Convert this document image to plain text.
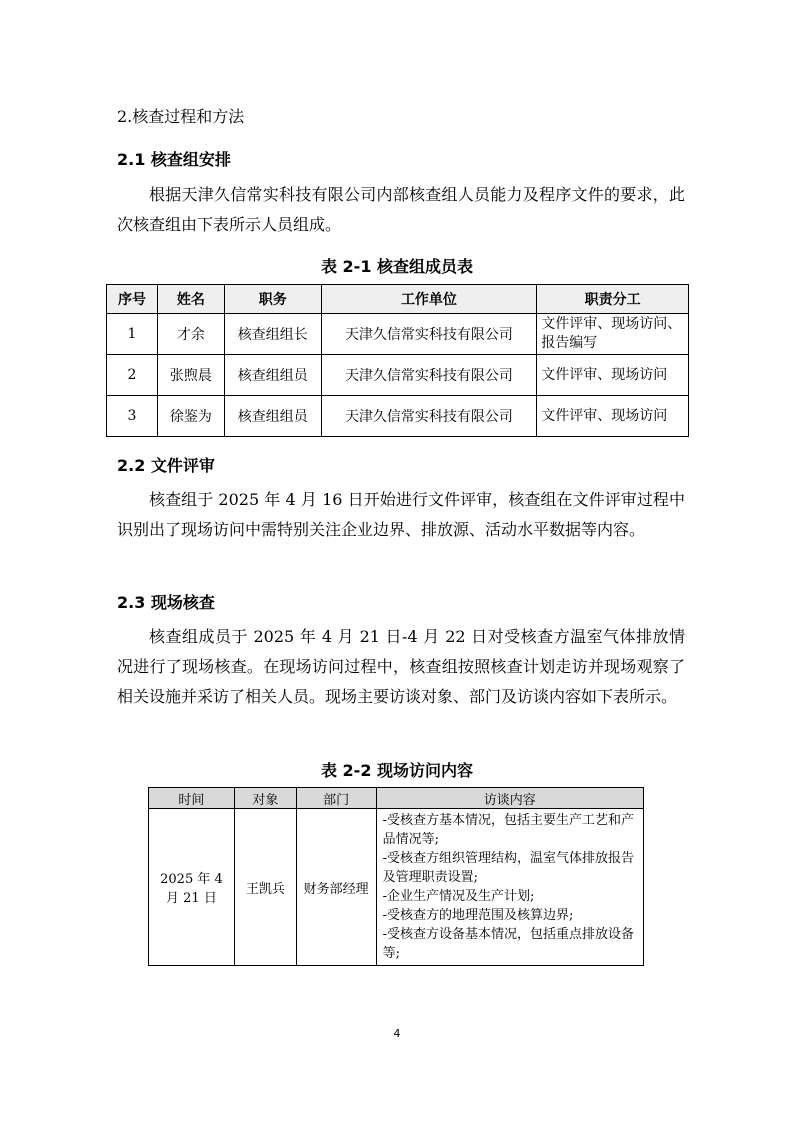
2.核查过程和方法
2.1 核查组安排
根据天津久信常实科技有限公司内部核查组人员能力及程序文件的要求，此次核查组由下表所示人员组成。
表 2-1 核查组成员表
序号	姓名	职务	工作单位	职责分工
1	才余	核查组组长	天津久信常实科技有限公司	文件评审、现场访问、报告编写
2	张煦晨	核查组组员	天津久信常实科技有限公司	文件评审、现场访问
3	徐鉴为	核查组组员	天津久信常实科技有限公司	文件评审、现场访问
2.2 文件评审
核查组于 2025 年 4 月 16 日开始进行文件评审，核查组在文件评审过程中识别出了现场访问中需特别关注企业边界、排放源、活动水平数据等内容。
2.3 现场核查
核查组成员于 2025 年 4 月 21 日-4 月 22 日对受核查方温室气体排放情况进行了现场核查。在现场访问过程中，核查组按照核查计划走访并现场观察了相关设施并采访了相关人员。现场主要访谈对象、部门及访谈内容如下表所示。
表 2-2 现场访问内容
时间	对象	部门	访谈内容
2025 年 4 月 21 日	王凯兵	财务部经理	-受核查方基本情况，包括主要生产工艺和产品情况等;
-受核查方组织管理结构，温室气体排放报告及管理职责设置;
-企业生产情况及生产计划;
-受核查方的地理范围及核算边界;
-受核查方设备基本情况，包括重点排放设备等;
4
